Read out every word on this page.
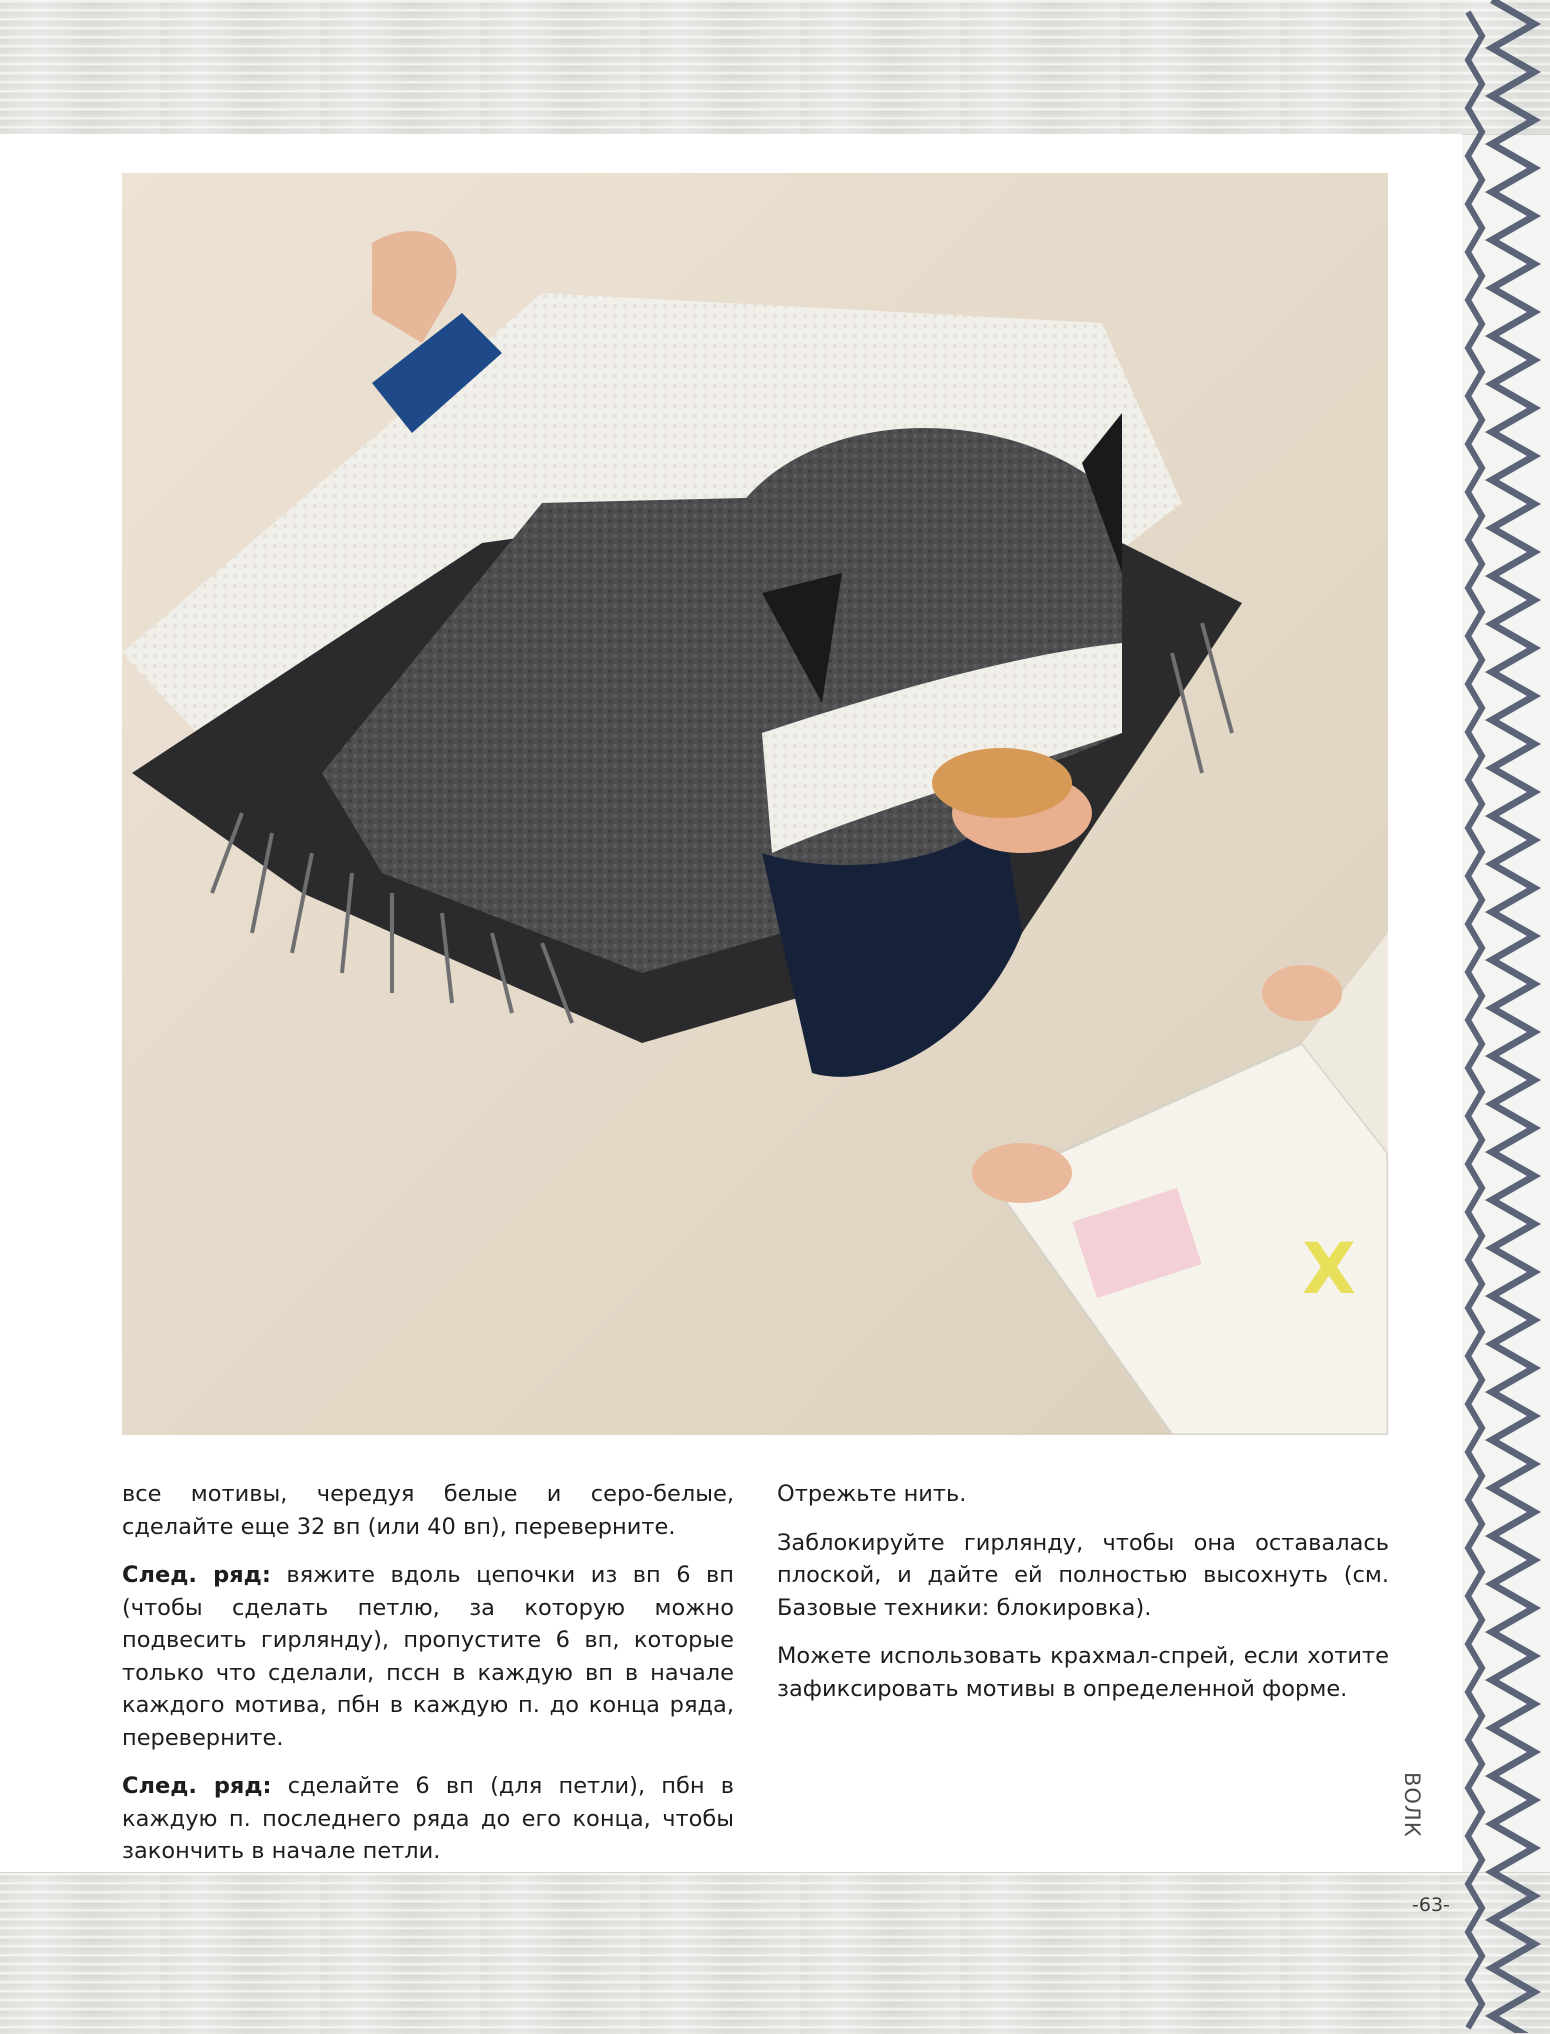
X

все мотивы, чередуя белые и серо-белые, сделайте еще 32 вп (или 40 вп), переверните.

След. ряд: вяжите вдоль цепочки из вп 6 вп (чтобы сделать петлю, за которую можно подвесить гирлянду), пропустите 6 вп, которые только что сделали, пссн в каждую вп в начале каждого мотива, пбн в каждую п. до конца ряда, переверните.

След. ряд: сделайте 6 вп (для петли), пбн в каждую п. последнего ряда до его конца, чтобы закончить в начале петли.

Отрежьте нить.

Заблокируйте гирлянду, чтобы она оставалась плоской, и дайте ей полностью высохнуть (см. Базовые техники: блокировка).

Можете использовать крахмал-спрей, если хотите зафиксировать мотивы в определенной форме.

ВОЛК
-63-
